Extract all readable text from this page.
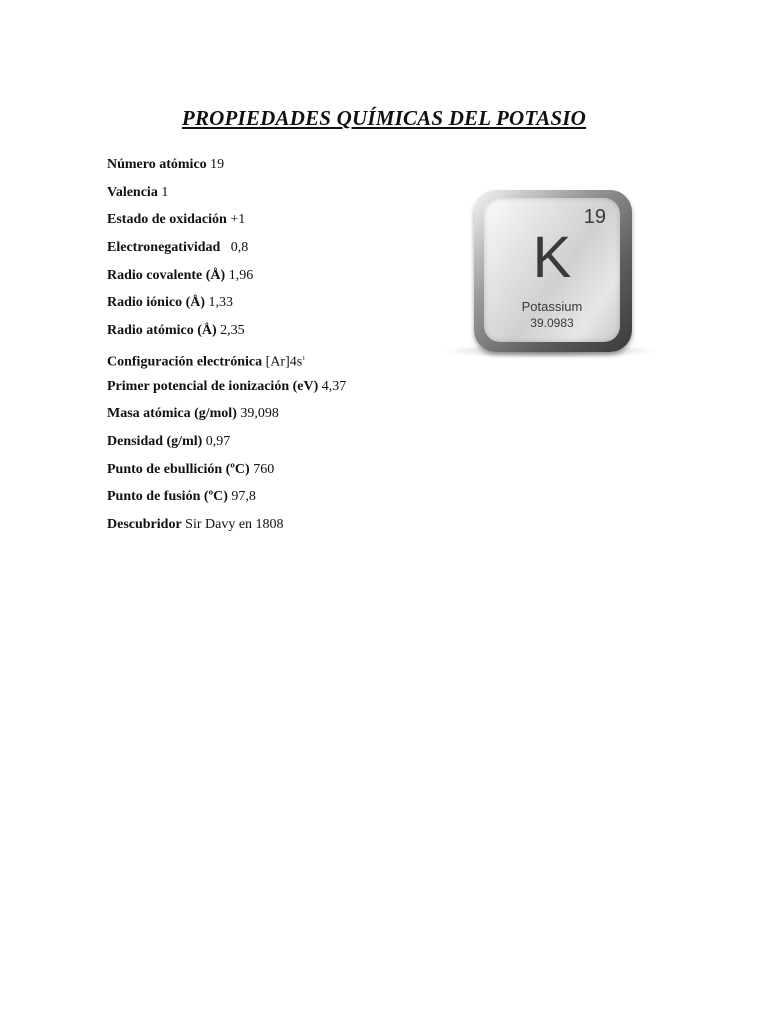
PROPIEDADES QUÍMICAS DEL POTASIO
Número atómico 19
Valencia 1
Estado de oxidación +1
Electronegatividad 0,8
Radio covalente (Å) 1,96
Radio iónico (Å) 1,33
Radio atómico (Å) 2,35
Configuración electrónica $[Ar]4s^1$
Primer potencial de ionización (eV) 4,37
Masa atómica (g/mol) 39,098
Densidad (g/ml) 0,97
Punto de ebullición (ºC) 760
Punto de fusión (ºC) 97,8
Descubridor Sir Davy en 1808
19
K
Potassium
39.0983
